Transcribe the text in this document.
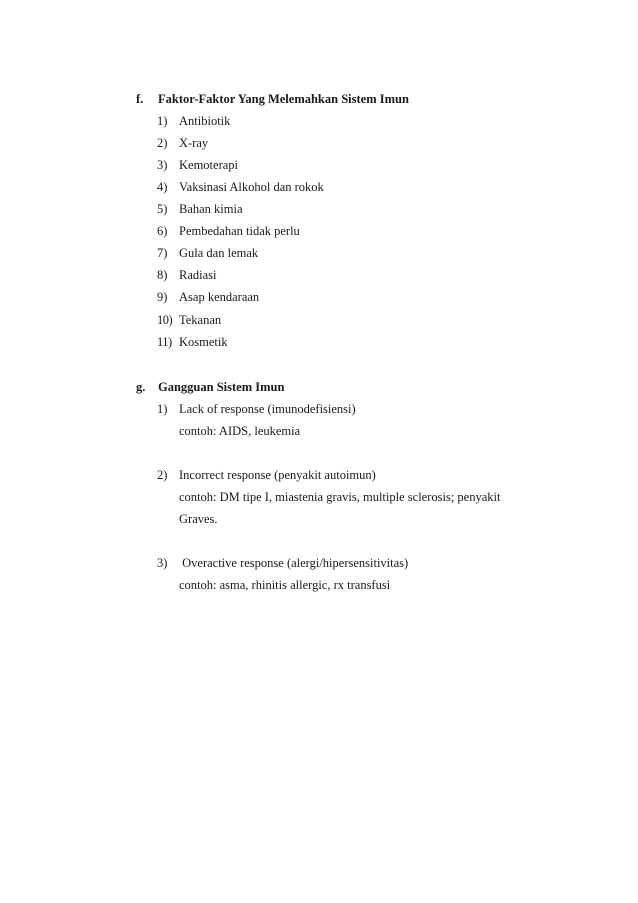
f. Faktor-Faktor Yang Melemahkan Sistem Imun
1) Antibiotik
2) X-ray
3) Kemoterapi
4) Vaksinasi Alkohol dan rokok
5) Bahan kimia
6) Pembedahan tidak perlu
7) Gula dan lemak
8) Radiasi
9) Asap kendaraan
10) Tekanan
11) Kosmetik
g. Gangguan Sistem Imun
1) Lack of response (imunodefisiensi)
contoh: AIDS, leukemia
2) Incorrect response (penyakit autoimun)
contoh: DM tipe I, miastenia gravis, multiple sclerosis; penyakit
Graves.
3) Overactive response (alergi/hipersensitivitas)
contoh: asma, rhinitis allergic, rx transfusi
